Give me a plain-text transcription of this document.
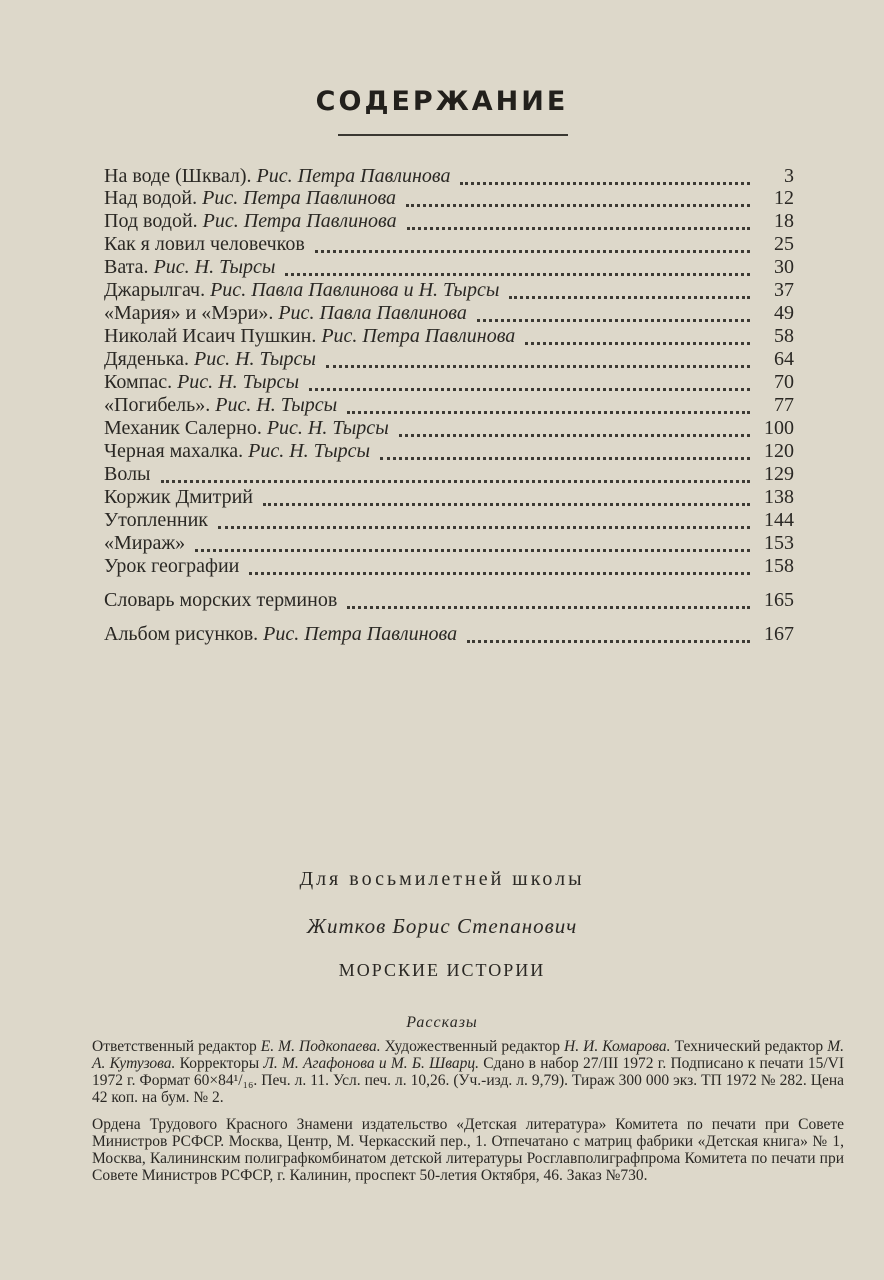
СОДЕРЖАНИЕ
На воде (Шквал). Рис. Петра Павлинова	3
Над водой. Рис. Петра Павлинова	12
Под водой. Рис. Петра Павлинова	18
Как я ловил человечков	25
Вата. Рис. Н. Тырсы	30
Джарылгач. Рис. Павла Павлинова и Н. Тырсы	37
«Мария» и «Мэри». Рис. Павла Павлинова	49
Николай Исаич Пушкин. Рис. Петра Павлинова	58
Дяденька. Рис. Н. Тырсы	64
Компас. Рис. Н. Тырсы	70
«Погибель». Рис. Н. Тырсы	77
Механик Салерно. Рис. Н. Тырсы	100
Черная махалка. Рис. Н. Тырсы	120
Волы	129
Коржик Дмитрий	138
Утопленник	144
«Мираж»	153
Урок географии	158
Словарь морских терминов	165
Альбом рисунков. Рис. Петра Павлинова	167
Для восьмилетней школы
Житков Борис Степанович
МОРСКИЕ ИСТОРИИ
Рассказы

Ответственный редактор Е. М. Подкопаева. Художественный редактор Н. И. Комарова. Технический редактор М. А. Кутузова. Корректоры Л. М. Агафонова и М. Б. Шварц. Сдано в набор 27/III 1972 г. Подписано к печати 15/VI 1972 г. Формат 60×84¹/₁₆. Печ. л. 11. Усл. печ. л. 10,26. (Уч.-изд. л. 9,79). Тираж 300 000 экз. ТП 1972 № 282. Цена 42 коп. на бум. № 2.

Ордена Трудового Красного Знамени издательство «Детская литература» Комитета по печати при Совете Министров РСФСР. Москва, Центр, М. Черкасский пер., 1. Отпечатано с матриц фабрики «Детская книга» № 1, Москва, Калининским полиграфкомбинатом детской литературы Росглавполиграфпрома Комитета по печати при Совете Министров РСФСР, г. Калинин, проспект 50-летия Октября, 46. Заказ №730.
